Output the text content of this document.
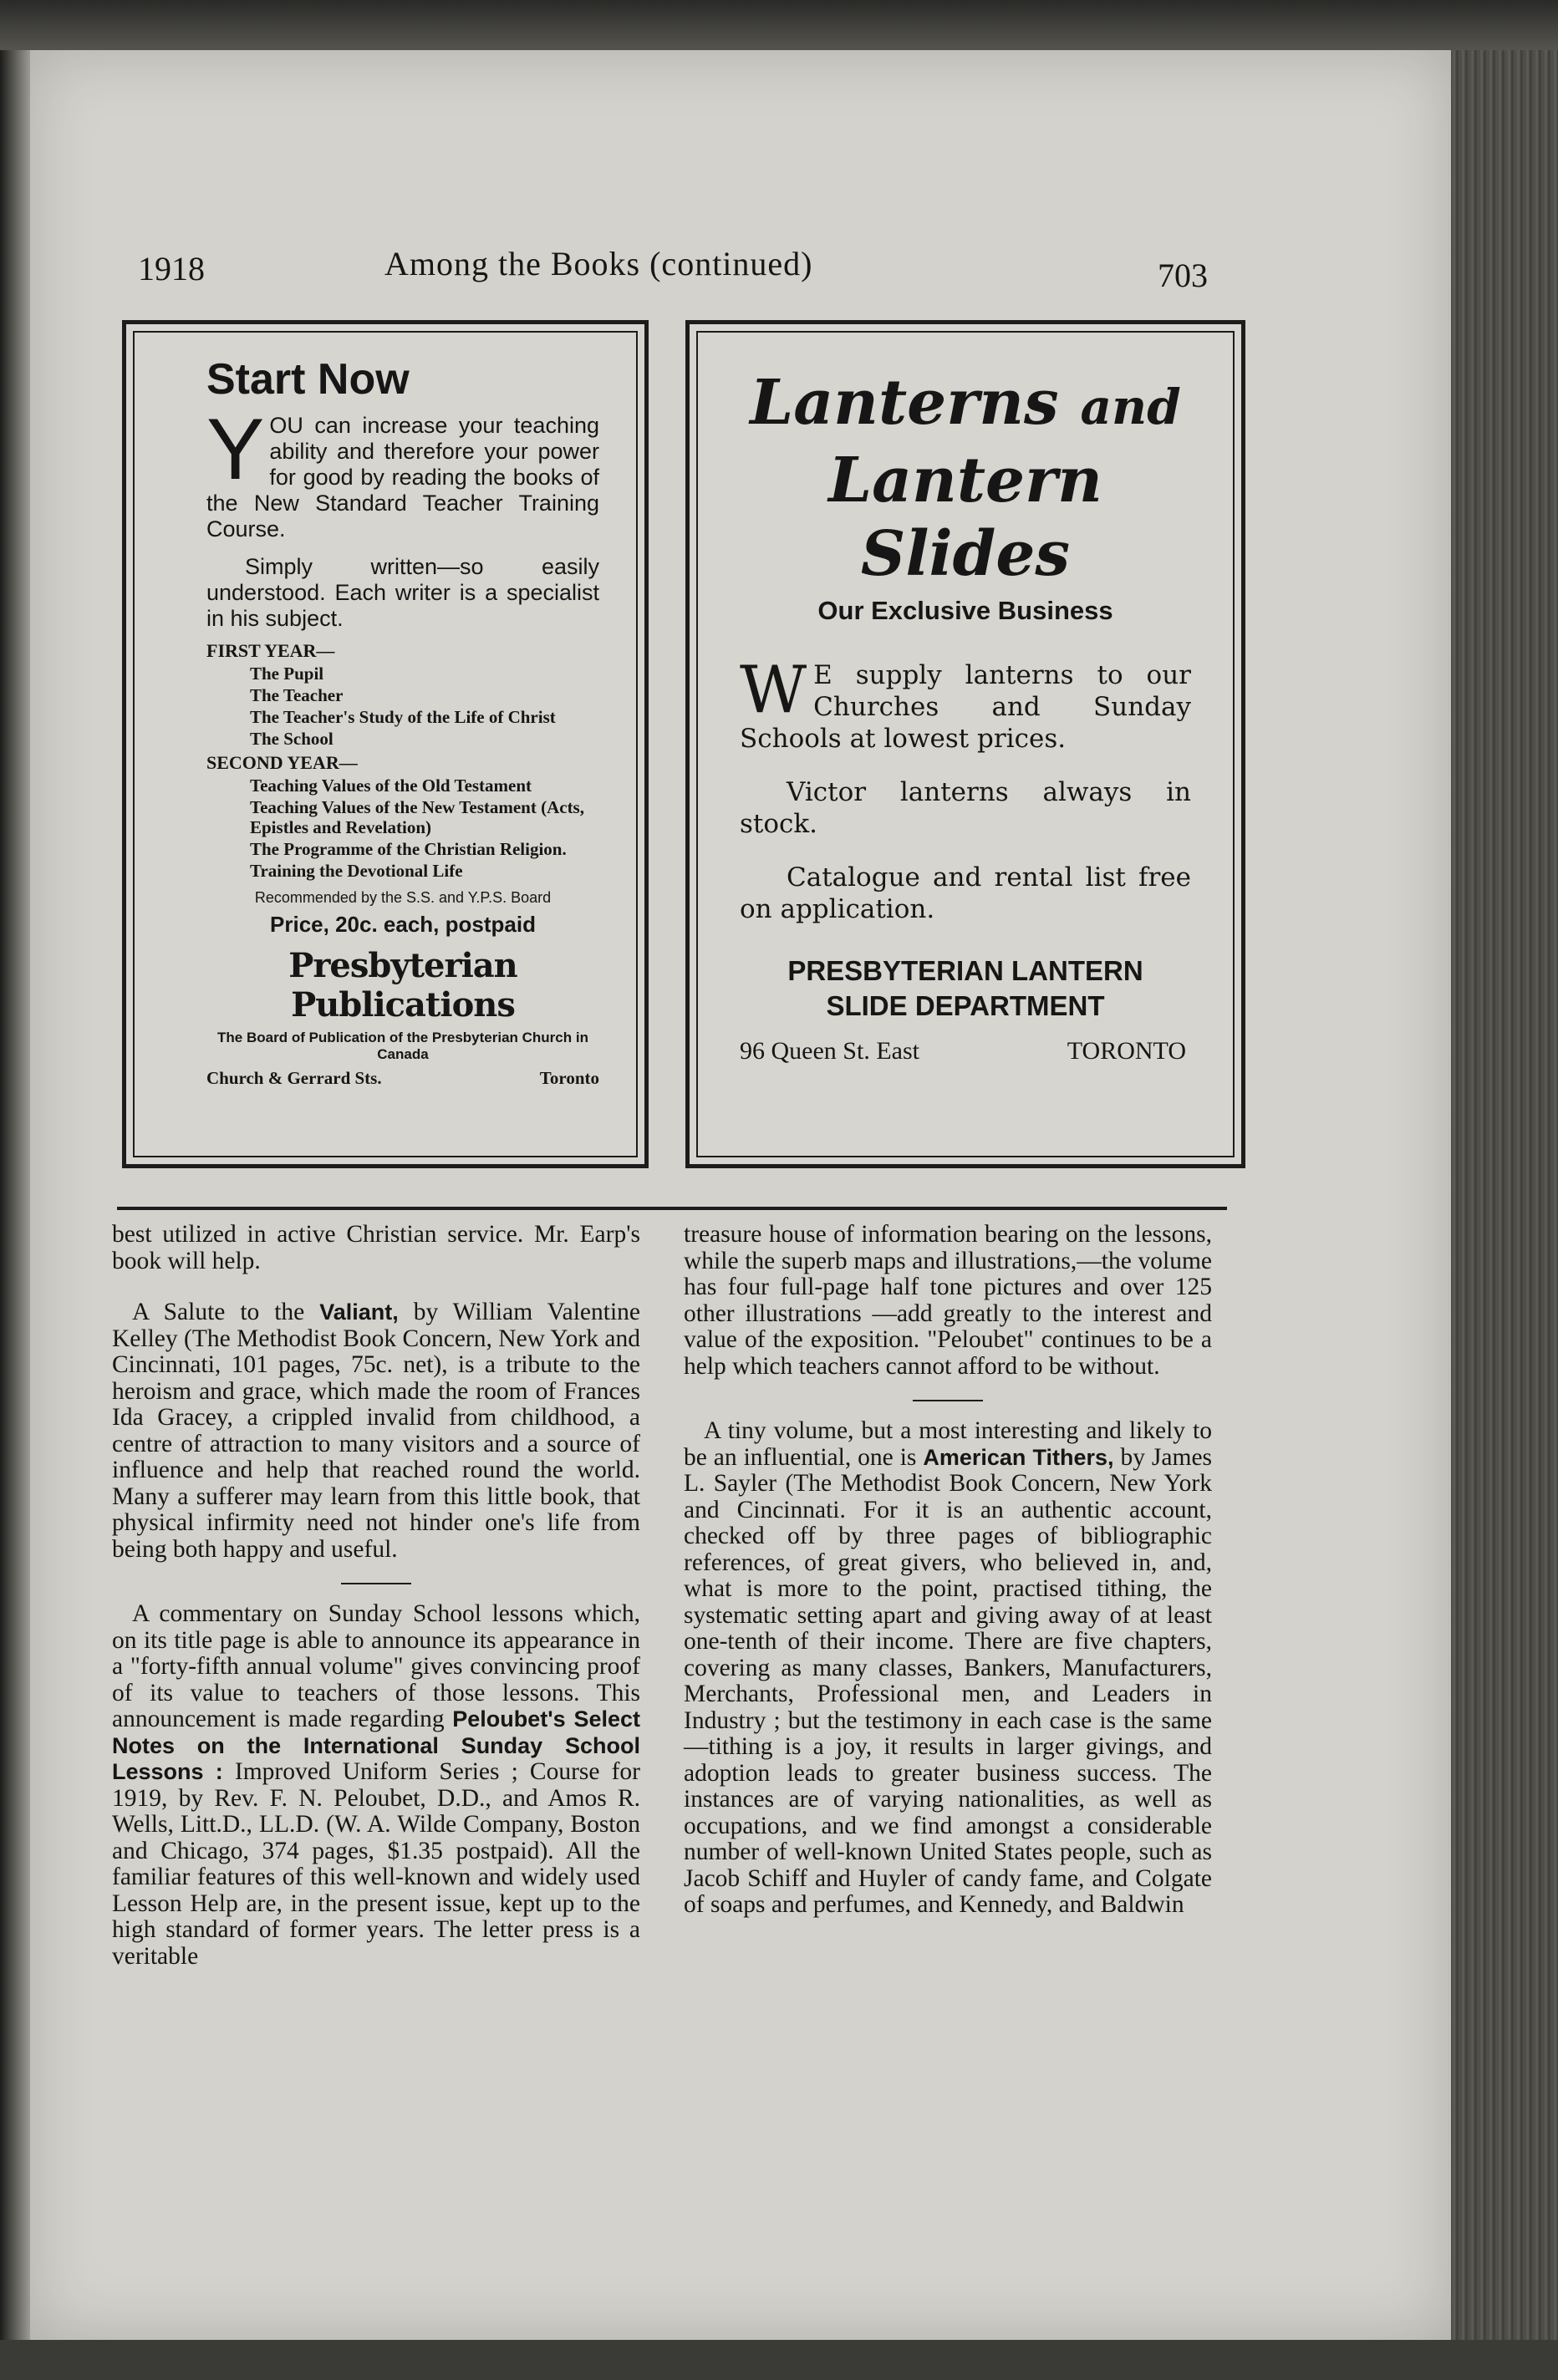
1918	Among the Books (continued)	703
Start Now

YOU can increase your teaching ability and therefore your power for good by reading the books of the New Standard Teacher Training Course.

Simply written—so easily understood. Each writer is a specialist in his subject.

FIRST YEAR—
The Pupil
The Teacher
The Teacher's Study of the Life of Christ
The School
SECOND YEAR—
Teaching Values of the Old Testament
Teaching Values of the New Testament (Acts, Epistles and Revelation)
The Programme of the Christian Religion.
Training the Devotional Life

Recommended by the S.S. and Y.P.S. Board

Price, 20c. each, postpaid

Presbyterian Publications

The Board of Publication of the Presbyterian Church in Canada

Church & Gerrard Sts.	Toronto

Lanterns and

Lantern Slides

Our Exclusive Business

W E supply lanterns to our Churches and Sunday Schools at lowest prices.

Victor lanterns always in stock.

Catalogue and rental list free on application.

PRESBYTERIAN LANTERN
SLIDE DEPARTMENT

96 Queen St. East	TORONTO

best utilized in active Christian service. Mr. Earp's book will help.

A Salute to the Valiant, by William Valentine Kelley (The Methodist Book Concern, New York and Cincinnati, 101 pages, 75c. net), is a tribute to the heroism and grace, which made the room of Frances Ida Gracey, a crippled invalid from childhood, a centre of attraction to many visitors and a source of influence and help that reached round the world. Many a sufferer may learn from this little book, that physical infirmity need not hinder one's life from being both happy and useful.

A commentary on Sunday School lessons which, on its title page is able to announce its appearance in a "forty-fifth annual volume" gives convincing proof of its value to teachers of those lessons. This announcement is made regarding Peloubet's Select Notes on the International Sunday School Lessons : Improved Uniform Series ; Course for 1919, by Rev. F. N. Peloubet, D.D., and Amos R. Wells, Litt.D., LL.D. (W. A. Wilde Company, Boston and Chicago, 374 pages, $1.35 postpaid). All the familiar features of this well-known and widely used Lesson Help are, in the present issue, kept up to the high standard of former years. The letter press is a veritable

treasure house of information bearing on the lessons, while the superb maps and illustrations,—the volume has four full-page half tone pictures and over 125 other illustrations —add greatly to the interest and value of the exposition. "Peloubet" continues to be a help which teachers cannot afford to be without.

A tiny volume, but a most interesting and likely to be an influential, one is American Tithers, by James L. Sayler (The Methodist Book Concern, New York and Cincinnati. For it is an authentic account, checked off by three pages of bibliographic references, of great givers, who believed in, and, what is more to the point, practised tithing, the systematic setting apart and giving away of at least one-tenth of their income. There are five chapters, covering as many classes, Bankers, Manufacturers, Merchants, Professional men, and Leaders in Industry ; but the testimony in each case is the same—tithing is a joy, it results in larger givings, and adoption leads to greater business success. The instances are of varying nationalities, as well as occupations, and we find amongst a considerable number of well-known United States people, such as Jacob Schiff and Huyler of candy fame, and Colgate of soaps and perfumes, and Kennedy, and Baldwin
